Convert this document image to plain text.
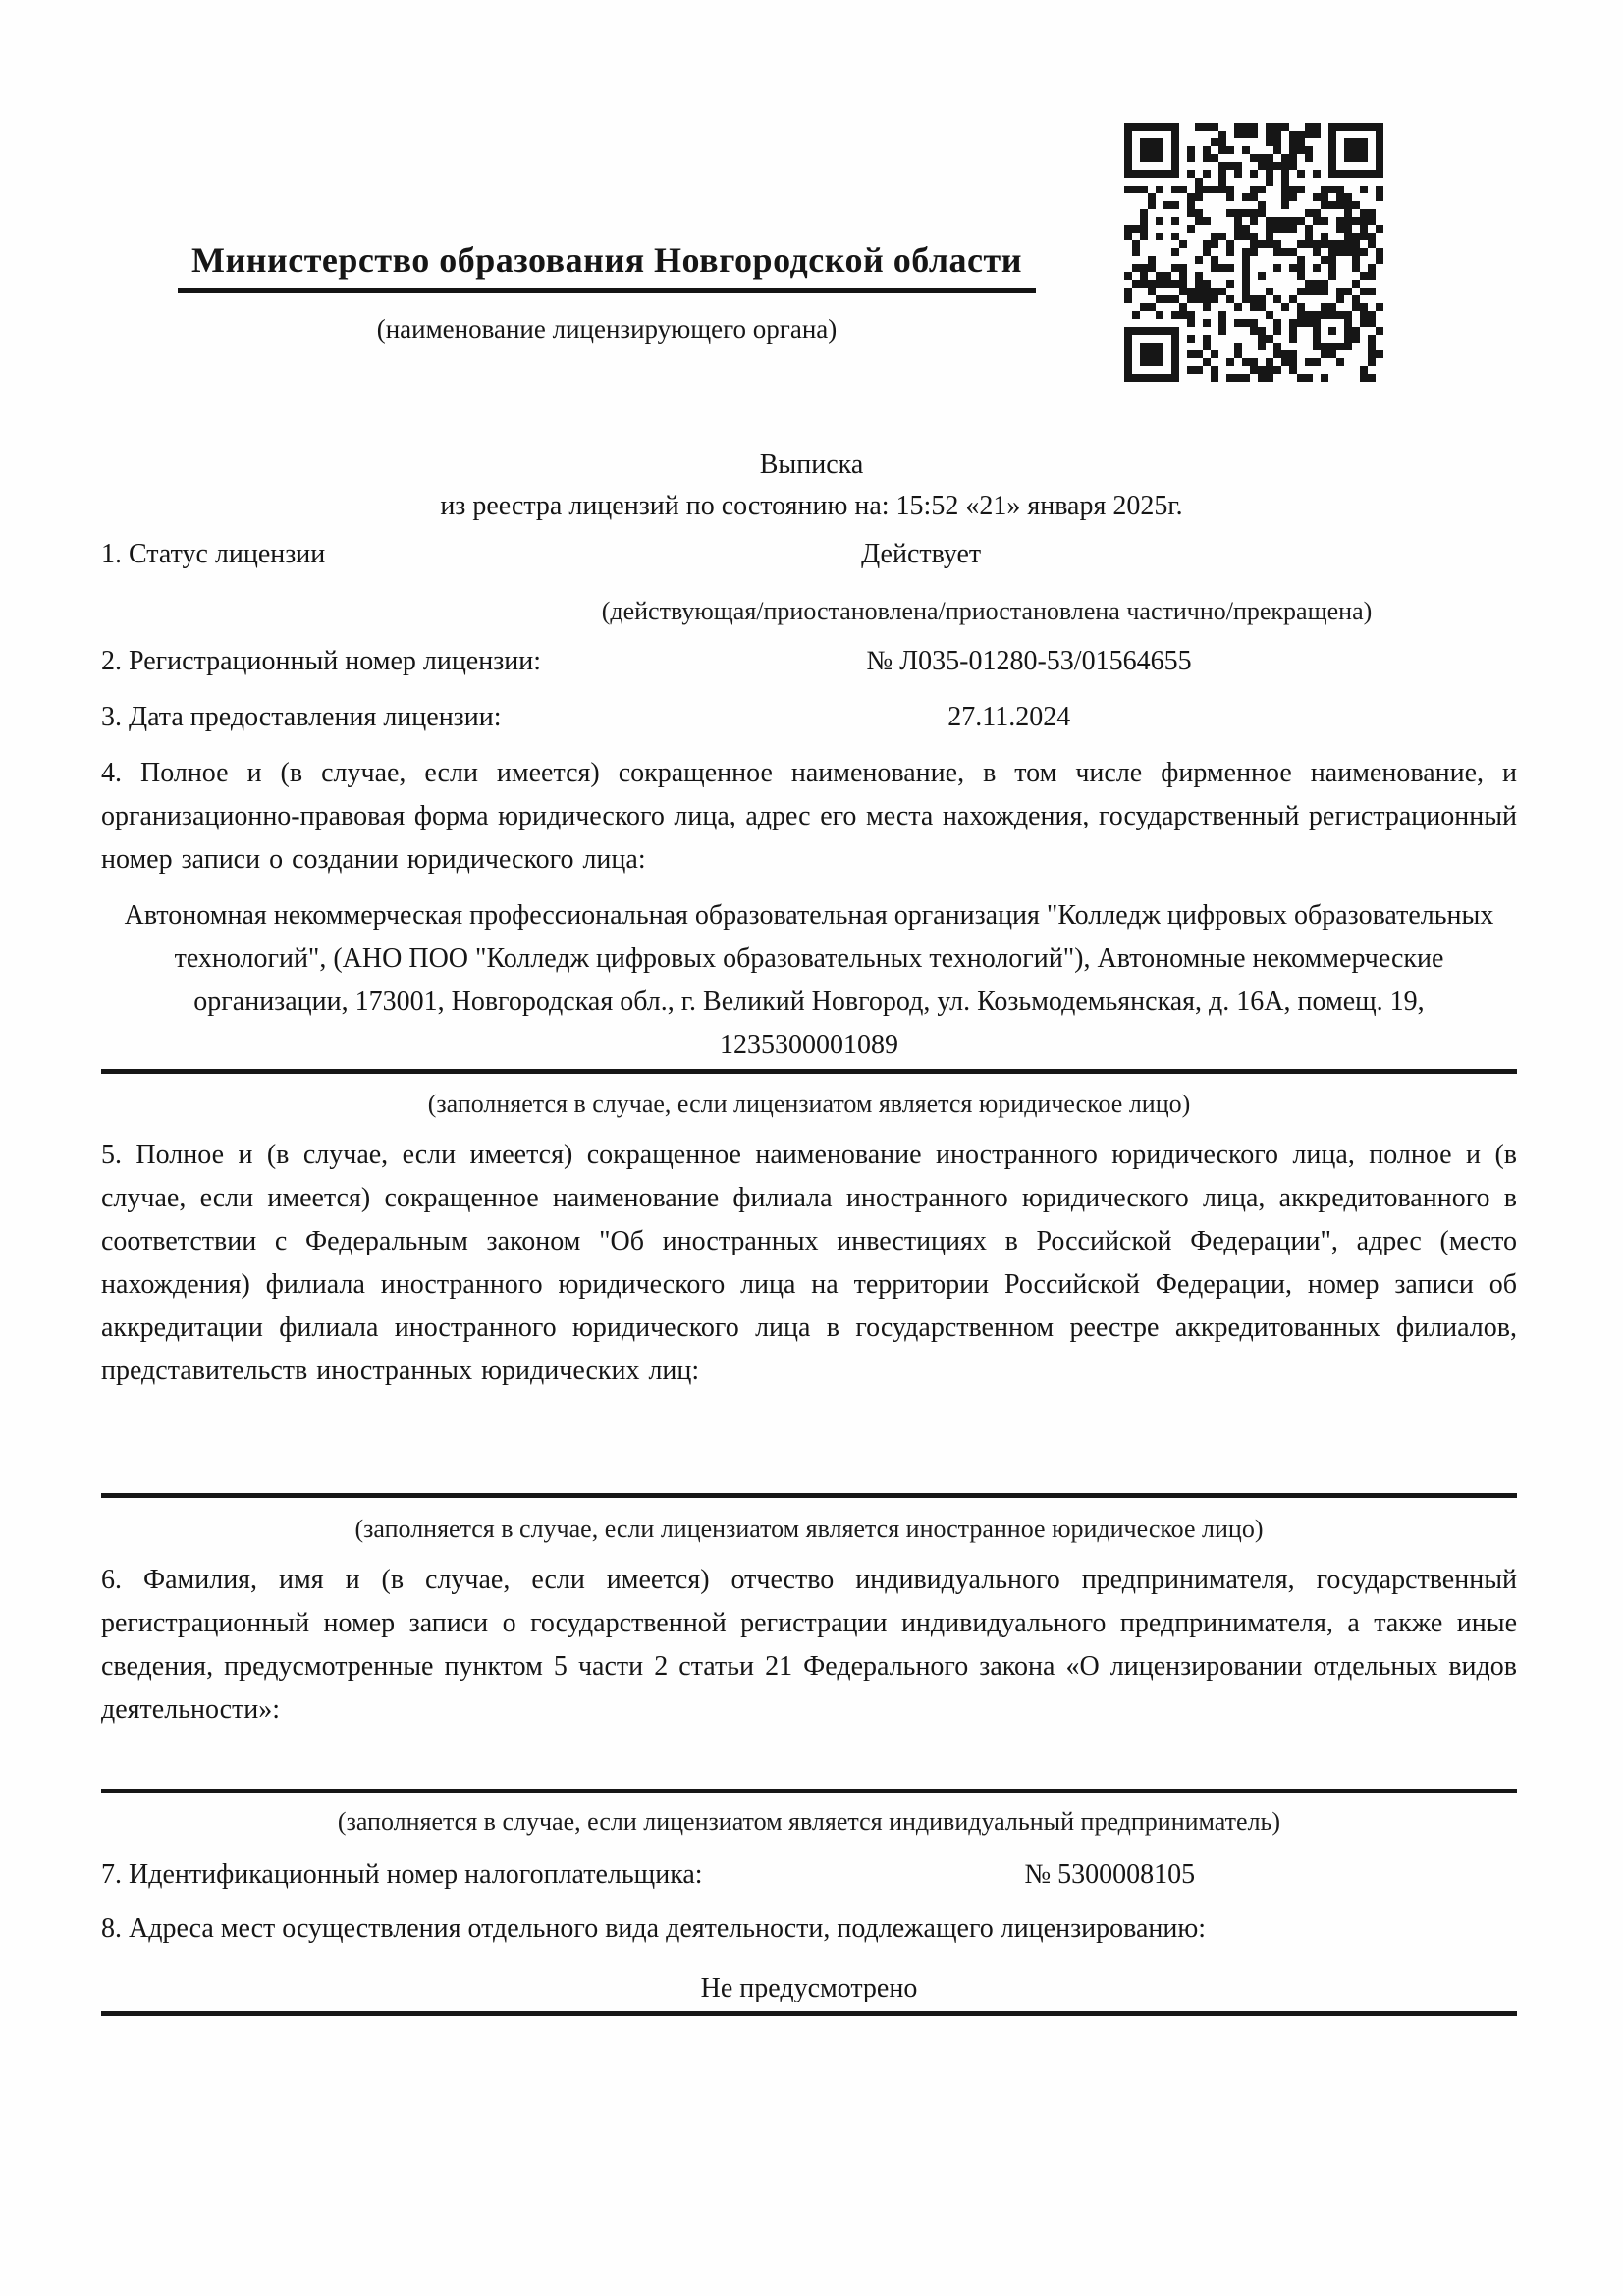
Министерство образования Новгородской области
(наименование лицензирующего органа)
Выписка
из реестра лицензий по состоянию на: 15:52 «21» января 2025г.
1. Статус лицензии	Действует
(действующая/приостановлена/приостановлена частично/прекращена)
2. Регистрационный номер лицензии:	№ Л035-01280-53/01564655
3. Дата предоставления лицензии:	27.11.2024
4. Полное и (в случае, если имеется) сокращенное наименование, в том числе фирменное наименование, и организационно-правовая форма юридического лица, адрес его места нахождения, государственный регистрационный номер записи о создании юридического лица:
Автономная некоммерческая профессиональная образовательная организация "Колледж цифровых образовательных технологий", (АНО ПОО "Колледж цифровых образовательных технологий"), Автономные некоммерческие организации, 173001, Новгородская обл., г. Великий Новгород, ул. Козьмодемьянская, д. 16А, помещ. 19, 1235300001089
(заполняется в случае, если лицензиатом является юридическое лицо)
5. Полное и (в случае, если имеется) сокращенное наименование иностранного юридического лица, полное и (в случае, если имеется) сокращенное наименование филиала иностранного юридического лица, аккредитованного в соответствии с Федеральным законом "Об иностранных инвестициях в Российской Федерации", адрес (место нахождения) филиала иностранного юридического лица на территории Российской Федерации, номер записи об аккредитации филиала иностранного юридического лица в государственном реестре аккредитованных филиалов, представительств иностранных юридических лиц:
(заполняется в случае, если лицензиатом является иностранное юридическое лицо)
6. Фамилия, имя и (в случае, если имеется) отчество индивидуального предпринимателя, государственный регистрационный номер записи о государственной регистрации индивидуального предпринимателя, а также иные сведения, предусмотренные пунктом 5 части 2 статьи 21 Федерального закона «О лицензировании отдельных видов деятельности»:
(заполняется в случае, если лицензиатом является индивидуальный предприниматель)
7. Идентификационный номер налогоплательщика:	№ 5300008105
8. Адреса мест осуществления отдельного вида деятельности, подлежащего лицензированию:
Не предусмотрено
